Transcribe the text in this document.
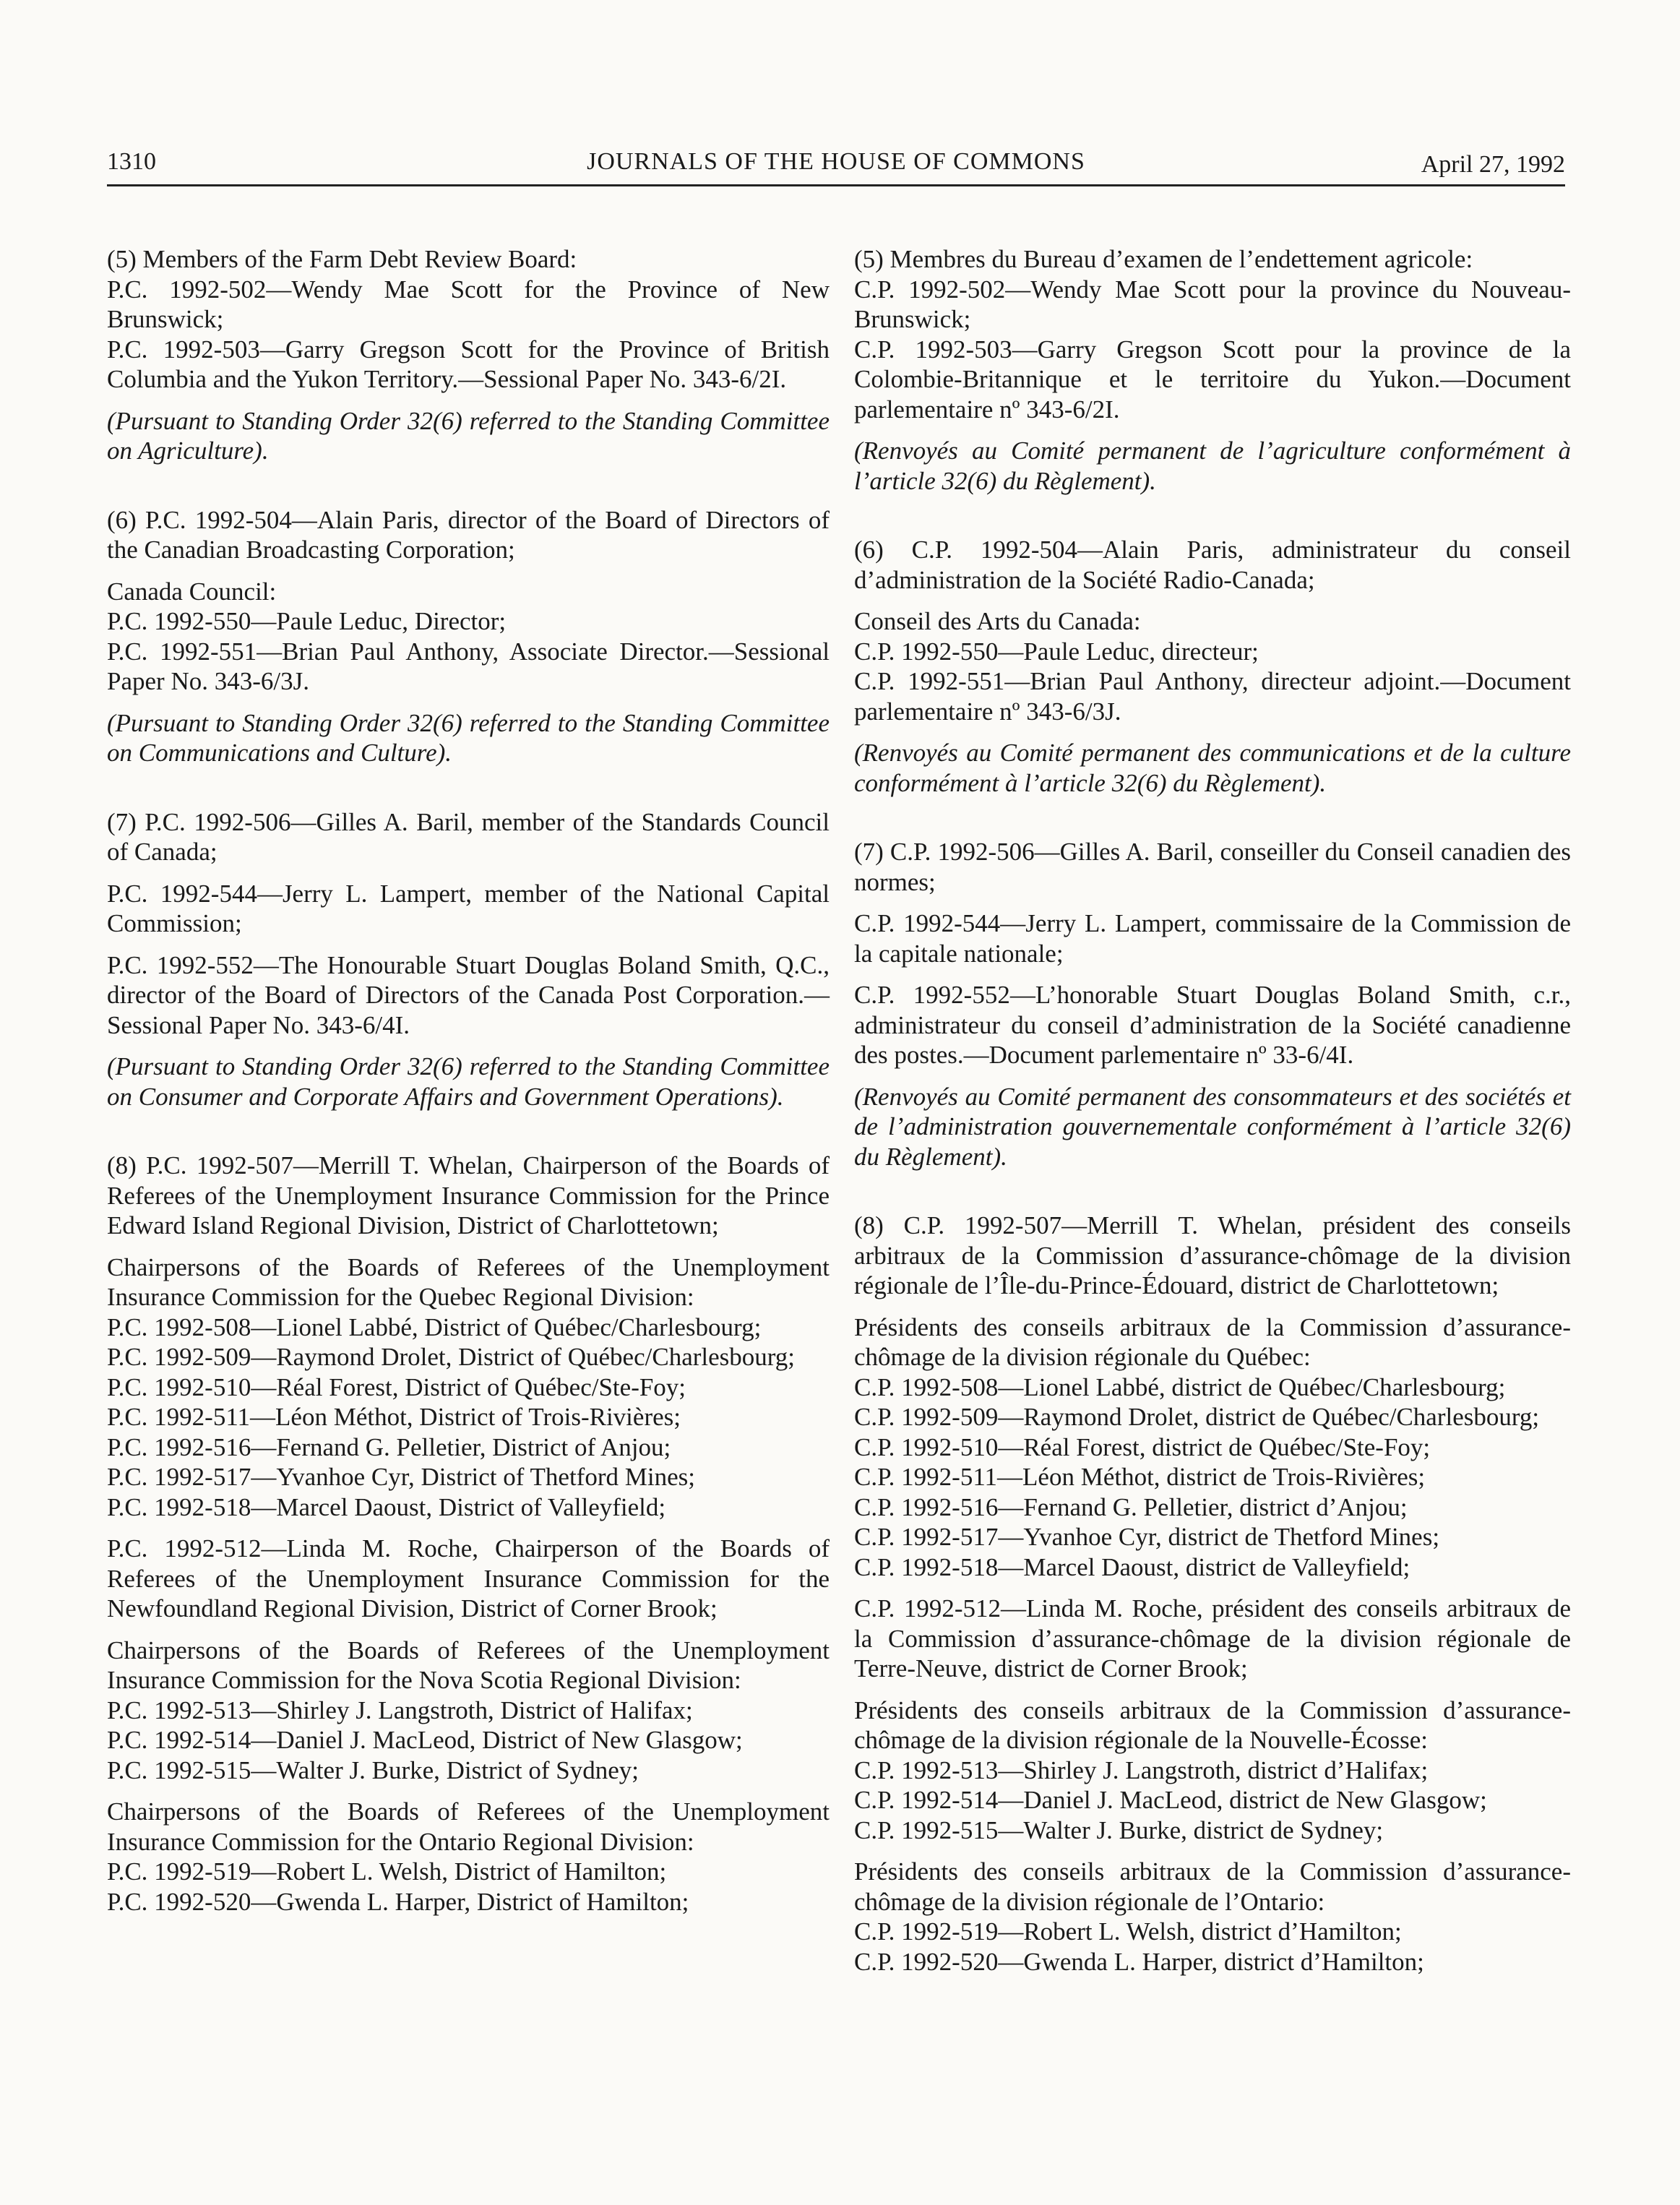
1310	JOURNALS OF THE HOUSE OF COMMONS	April 27, 1992

(5) Members of the Farm Debt Review Board:
P.C. 1992-502—Wendy Mae Scott for the Province of New Brunswick;
P.C. 1992-503—Garry Gregson Scott for the Province of British Columbia and the Yukon Territory.—Sessional Paper No. 343-6/2I.

(Pursuant to Standing Order 32(6) referred to the Standing Committee on Agriculture).

(6) P.C. 1992-504—Alain Paris, director of the Board of Directors of the Canadian Broadcasting Corporation;

Canada Council:
P.C. 1992-550—Paule Leduc, Director;
P.C. 1992-551—Brian Paul Anthony, Associate Director.—Sessional Paper No. 343-6/3J.

(Pursuant to Standing Order 32(6) referred to the Standing Committee on Communications and Culture).

(7) P.C. 1992-506—Gilles A. Baril, member of the Standards Council of Canada;

P.C. 1992-544—Jerry L. Lampert, member of the National Capital Commission;

P.C. 1992-552—The Honourable Stuart Douglas Boland Smith, Q.C., director of the Board of Directors of the Canada Post Corporation.—Sessional Paper No. 343-6/4I.

(Pursuant to Standing Order 32(6) referred to the Standing Committee on Consumer and Corporate Affairs and Government Operations).

(8) P.C. 1992-507—Merrill T. Whelan, Chairperson of the Boards of Referees of the Unemployment Insurance Commission for the Prince Edward Island Regional Division, District of Charlottetown;

Chairpersons of the Boards of Referees of the Unemployment Insurance Commission for the Quebec Regional Division:
P.C. 1992-508—Lionel Labbé, District of Québec/Charlesbourg;
P.C. 1992-509—Raymond Drolet, District of Québec/Charlesbourg;
P.C. 1992-510—Réal Forest, District of Québec/Ste-Foy;
P.C. 1992-511—Léon Méthot, District of Trois-Rivières;
P.C. 1992-516—Fernand G. Pelletier, District of Anjou;
P.C. 1992-517—Yvanhoe Cyr, District of Thetford Mines;
P.C. 1992-518—Marcel Daoust, District of Valleyfield;

P.C. 1992-512—Linda M. Roche, Chairperson of the Boards of Referees of the Unemployment Insurance Commission for the Newfoundland Regional Division, District of Corner Brook;

Chairpersons of the Boards of Referees of the Unemployment Insurance Commission for the Nova Scotia Regional Division:
P.C. 1992-513—Shirley J. Langstroth, District of Halifax;
P.C. 1992-514—Daniel J. MacLeod, District of New Glasgow;
P.C. 1992-515—Walter J. Burke, District of Sydney;

Chairpersons of the Boards of Referees of the Unemployment Insurance Commission for the Ontario Regional Division:
P.C. 1992-519—Robert L. Welsh, District of Hamilton;
P.C. 1992-520—Gwenda L. Harper, District of Hamilton;

(5) Membres du Bureau d’examen de l’endettement agricole:
C.P. 1992-502—Wendy Mae Scott pour la province du Nouveau-Brunswick;
C.P. 1992-503—Garry Gregson Scott pour la province de la Colombie-Britannique et le territoire du Yukon.—Document parlementaire nº 343-6/2I.

(Renvoyés au Comité permanent de l’agriculture conformément à l’article 32(6) du Règlement).

(6) C.P. 1992-504—Alain Paris, administrateur du conseil d’administration de la Société Radio-Canada;

Conseil des Arts du Canada:
C.P. 1992-550—Paule Leduc, directeur;
C.P. 1992-551—Brian Paul Anthony, directeur adjoint.—Document parlementaire nº 343-6/3J.

(Renvoyés au Comité permanent des communications et de la culture conformément à l’article 32(6) du Règlement).

(7) C.P. 1992-506—Gilles A. Baril, conseiller du Conseil canadien des normes;

C.P. 1992-544—Jerry L. Lampert, commissaire de la Commission de la capitale nationale;

C.P. 1992-552—L’honorable Stuart Douglas Boland Smith, c.r., administrateur du conseil d’administration de la Société canadienne des postes.—Document parlementaire nº 33-6/4I.

(Renvoyés au Comité permanent des consommateurs et des sociétés et de l’administration gouvernementale conformément à l’article 32(6) du Règlement).

(8) C.P. 1992-507—Merrill T. Whelan, président des conseils arbitraux de la Commission d’assurance-chômage de la division régionale de l’Île-du-Prince-Édouard, district de Charlottetown;

Présidents des conseils arbitraux de la Commission d’assurance-chômage de la division régionale du Québec:
C.P. 1992-508—Lionel Labbé, district de Québec/Charlesbourg;
C.P. 1992-509—Raymond Drolet, district de Québec/Charlesbourg;
C.P. 1992-510—Réal Forest, district de Québec/Ste-Foy;
C.P. 1992-511—Léon Méthot, district de Trois-Rivières;
C.P. 1992-516—Fernand G. Pelletier, district d’Anjou;
C.P. 1992-517—Yvanhoe Cyr, district de Thetford Mines;
C.P. 1992-518—Marcel Daoust, district de Valleyfield;

C.P. 1992-512—Linda M. Roche, président des conseils arbitraux de la Commission d’assurance-chômage de la division régionale de Terre-Neuve, district de Corner Brook;

Présidents des conseils arbitraux de la Commission d’assurance-chômage de la division régionale de la Nouvelle-Écosse:
C.P. 1992-513—Shirley J. Langstroth, district d’Halifax;
C.P. 1992-514—Daniel J. MacLeod, district de New Glasgow;
C.P. 1992-515—Walter J. Burke, district de Sydney;

Présidents des conseils arbitraux de la Commission d’assurance-chômage de la division régionale de l’Ontario:
C.P. 1992-519—Robert L. Welsh, district d’Hamilton;
C.P. 1992-520—Gwenda L. Harper, district d’Hamilton;
